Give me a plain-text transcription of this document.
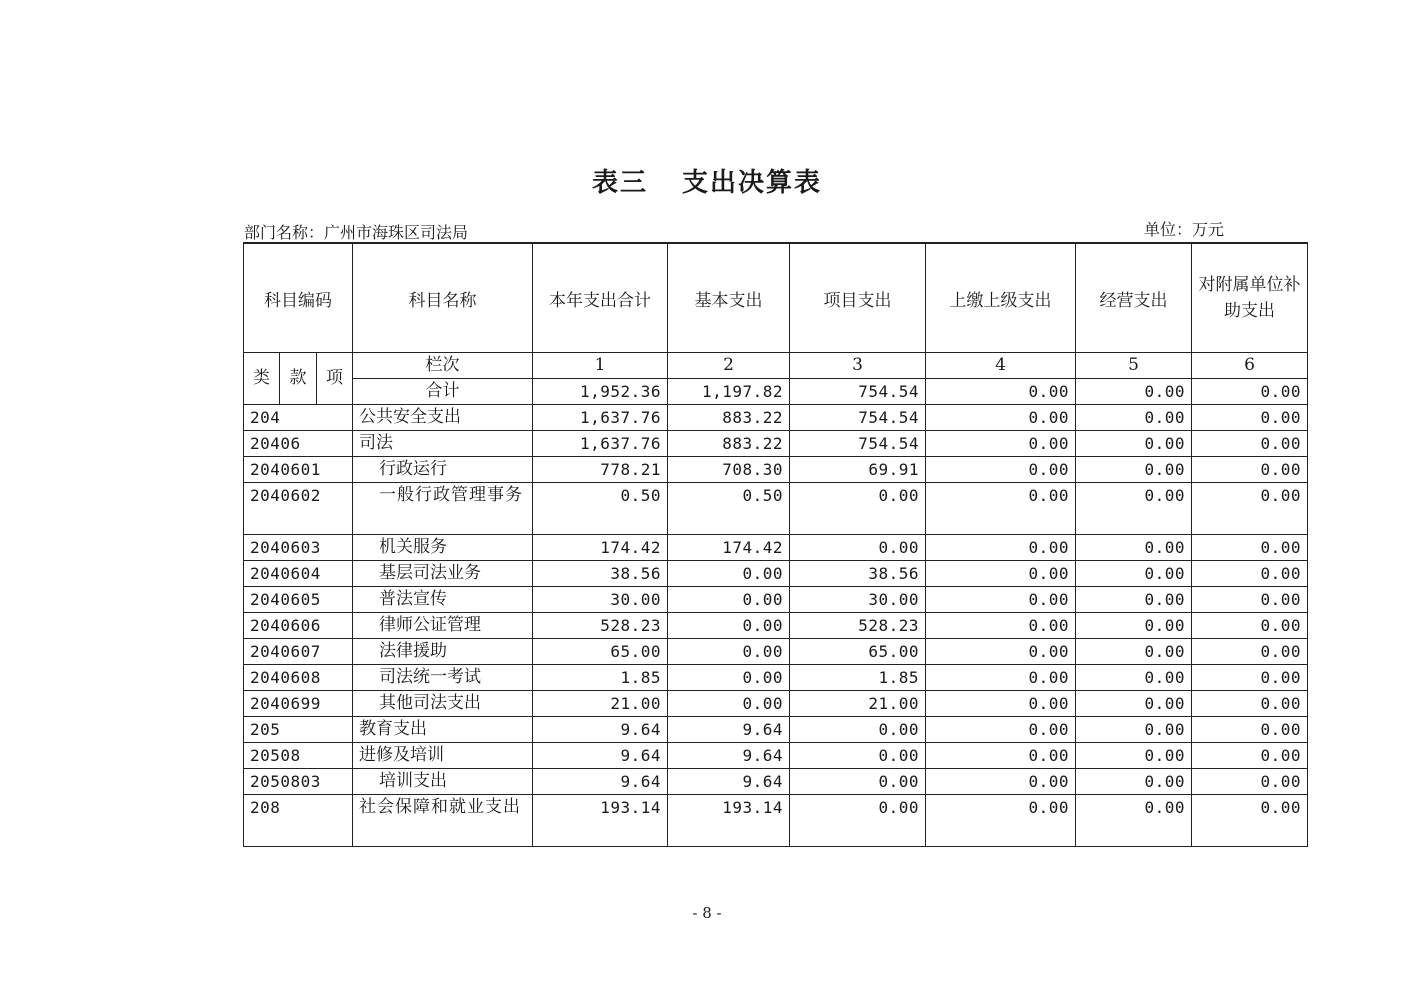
表三 支出决算表
部门名称：广州市海珠区司法局	单位：万元
科目编码			科目名称	本年支出合计	基本支出	项目支出	上缴上级支出	经营支出	对附属单位补助支出
类	款	项	栏次	1	2	3	4	5	6
			合计	1,952.36	1,197.82	754.54	0.00	0.00	0.00
204			公共安全支出	1,637.76	883.22	754.54	0.00	0.00	0.00
20406			司法	1,637.76	883.22	754.54	0.00	0.00	0.00
2040601			行政运行	778.21	708.30	69.91	0.00	0.00	0.00
2040602			一般行政管理事务	0.50	0.50	0.00	0.00	0.00	0.00
2040603			机关服务	174.42	174.42	0.00	0.00	0.00	0.00
2040604			基层司法业务	38.56	0.00	38.56	0.00	0.00	0.00
2040605			普法宣传	30.00	0.00	30.00	0.00	0.00	0.00
2040606			律师公证管理	528.23	0.00	528.23	0.00	0.00	0.00
2040607			法律援助	65.00	0.00	65.00	0.00	0.00	0.00
2040608			司法统一考试	1.85	0.00	1.85	0.00	0.00	0.00
2040699			其他司法支出	21.00	0.00	21.00	0.00	0.00	0.00
205			教育支出	9.64	9.64	0.00	0.00	0.00	0.00
20508			进修及培训	9.64	9.64	0.00	0.00	0.00	0.00
2050803			培训支出	9.64	9.64	0.00	0.00	0.00	0.00
208			社会保障和就业支出	193.14	193.14	0.00	0.00	0.00	0.00
- 8 -
